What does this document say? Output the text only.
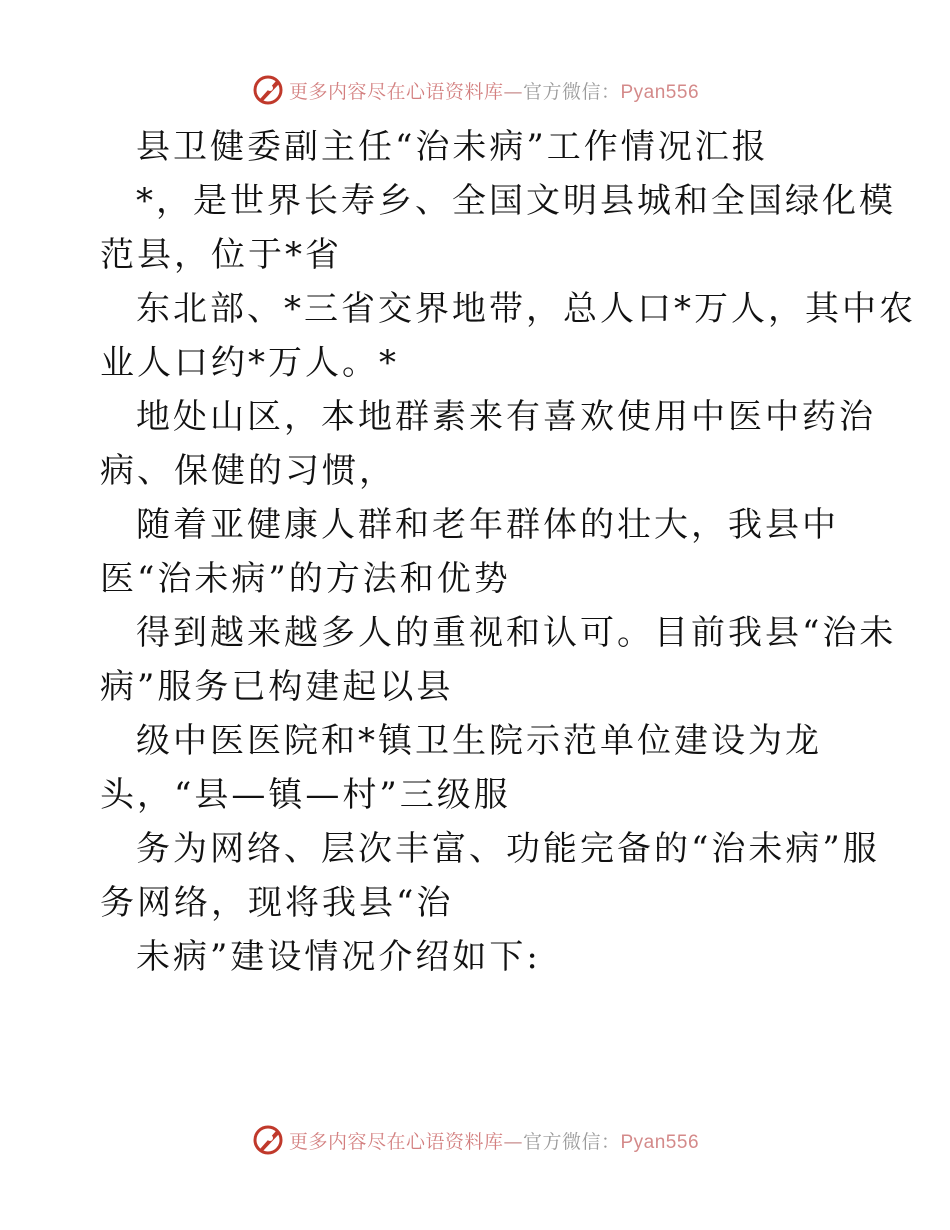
更多内容尽在心语资料库—官方微信：Pyan556
县卫健委副主任“治未病”工作情况汇报
*，是世界长寿乡、全国文明县城和全国绿化模
范县，位于*省
东北部、*三省交界地带，总人口*万人，其中农
业人口约*万人。*
地处山区，本地群素来有喜欢使用中医中药治
病、保健的习惯，
随着亚健康人群和老年群体的壮大，我县中
医“治未病”的方法和优势
得到越来越多人的重视和认可。目前我县“治未
病”服务已构建起以县
级中医医院和*镇卫生院示范单位建设为龙
头，“县—镇—村”三级服
务为网络、层次丰富、功能完备的“治未病”服
务网络，现将我县“治
未病”建设情况介绍如下:
更多内容尽在心语资料库—官方微信：Pyan556
